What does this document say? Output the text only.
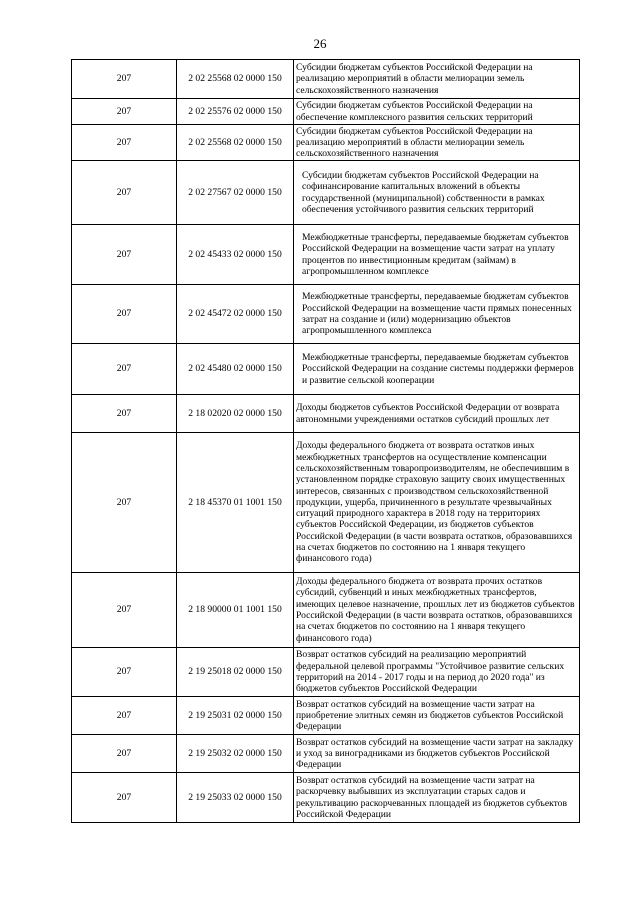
26
207	2 02 25568 02 0000 150	Субсидии бюджетам субъектов Российской Федерации на реализацию мероприятий в области мелиорации земель сельскохозяйственного назначения
207	2 02 25576 02 0000 150	Субсидии бюджетам субъектов Российской Федерации на обеспечение комплексного развития сельских территорий
207	2 02 25568 02 0000 150	Субсидии бюджетам субъектов Российской Федерации на реализацию мероприятий в области мелиорации земель сельскохозяйственного назначения
207	2 02 27567 02 0000 150	Субсидии бюджетам субъектов Российской Федерации на софинансирование капитальных вложений в объекты государственной (муниципальной) собственности в рамках обеспечения устойчивого развития сельских территорий
207	2 02 45433 02 0000 150	Межбюджетные трансферты, передаваемые бюджетам субъектов Российской Федерации на возмещение части затрат на уплату процентов по инвестиционным кредитам (займам) в агропромышленном комплексе
207	2 02 45472 02 0000 150	Межбюджетные трансферты, передаваемые бюджетам субъектов Российской Федерации на возмещение части прямых понесенных затрат на создание и (или) модернизацию объектов агропромышленного комплекса
207	2 02 45480 02 0000 150	Межбюджетные трансферты, передаваемые бюджетам субъектов Российской Федерации на создание системы поддержки фермеров и развитие сельской кооперации
207	2 18 02020 02 0000 150	Доходы бюджетов субъектов Российской Федерации от возврата автономными учреждениями остатков субсидий прошлых лет
207	2 18 45370 01 1001 150	Доходы федерального бюджета от возврата остатков иных межбюджетных трансфертов на осуществление компенсации сельскохозяйственным товаропроизводителям, не обеспечившим в установленном порядке страховую защиту своих имущественных интересов, связанных с производством сельскохозяйственной продукции, ущерба, причиненного в результате чрезвычайных ситуаций природного характера в 2018 году на территориях субъектов Российской Федерации, из бюджетов субъектов Российской Федерации (в части возврата остатков, образовавшихся на счетах бюджетов по состоянию на 1 января текущего финансового года)
207	2 18 90000 01 1001 150	Доходы федерального бюджета от возврата прочих остатков субсидий, субвенций и иных межбюджетных трансфертов, имеющих целевое назначение, прошлых лет из бюджетов субъектов Российской Федерации (в части возврата остатков, образовавшихся на счетах бюджетов по состоянию на 1 января текущего финансового года)
207	2 19 25018 02 0000 150	Возврат остатков субсидий на реализацию мероприятий федеральной целевой программы "Устойчивое развитие сельских территорий на 2014 - 2017 годы и на период до 2020 года" из бюджетов субъектов Российской Федерации
207	2 19 25031 02 0000 150	Возврат остатков субсидий на возмещение части затрат на приобретение элитных семян из бюджетов субъектов Российской Федерации
207	2 19 25032 02 0000 150	Возврат остатков субсидий на возмещение части затрат на закладку и уход за виноградниками из бюджетов субъектов Российской Федерации
207	2 19 25033 02 0000 150	Возврат остатков субсидий на возмещение части затрат на раскорчевку выбывших из эксплуатации старых садов и рекультивацию раскорчеванных площадей из бюджетов субъектов Российской Федерации
